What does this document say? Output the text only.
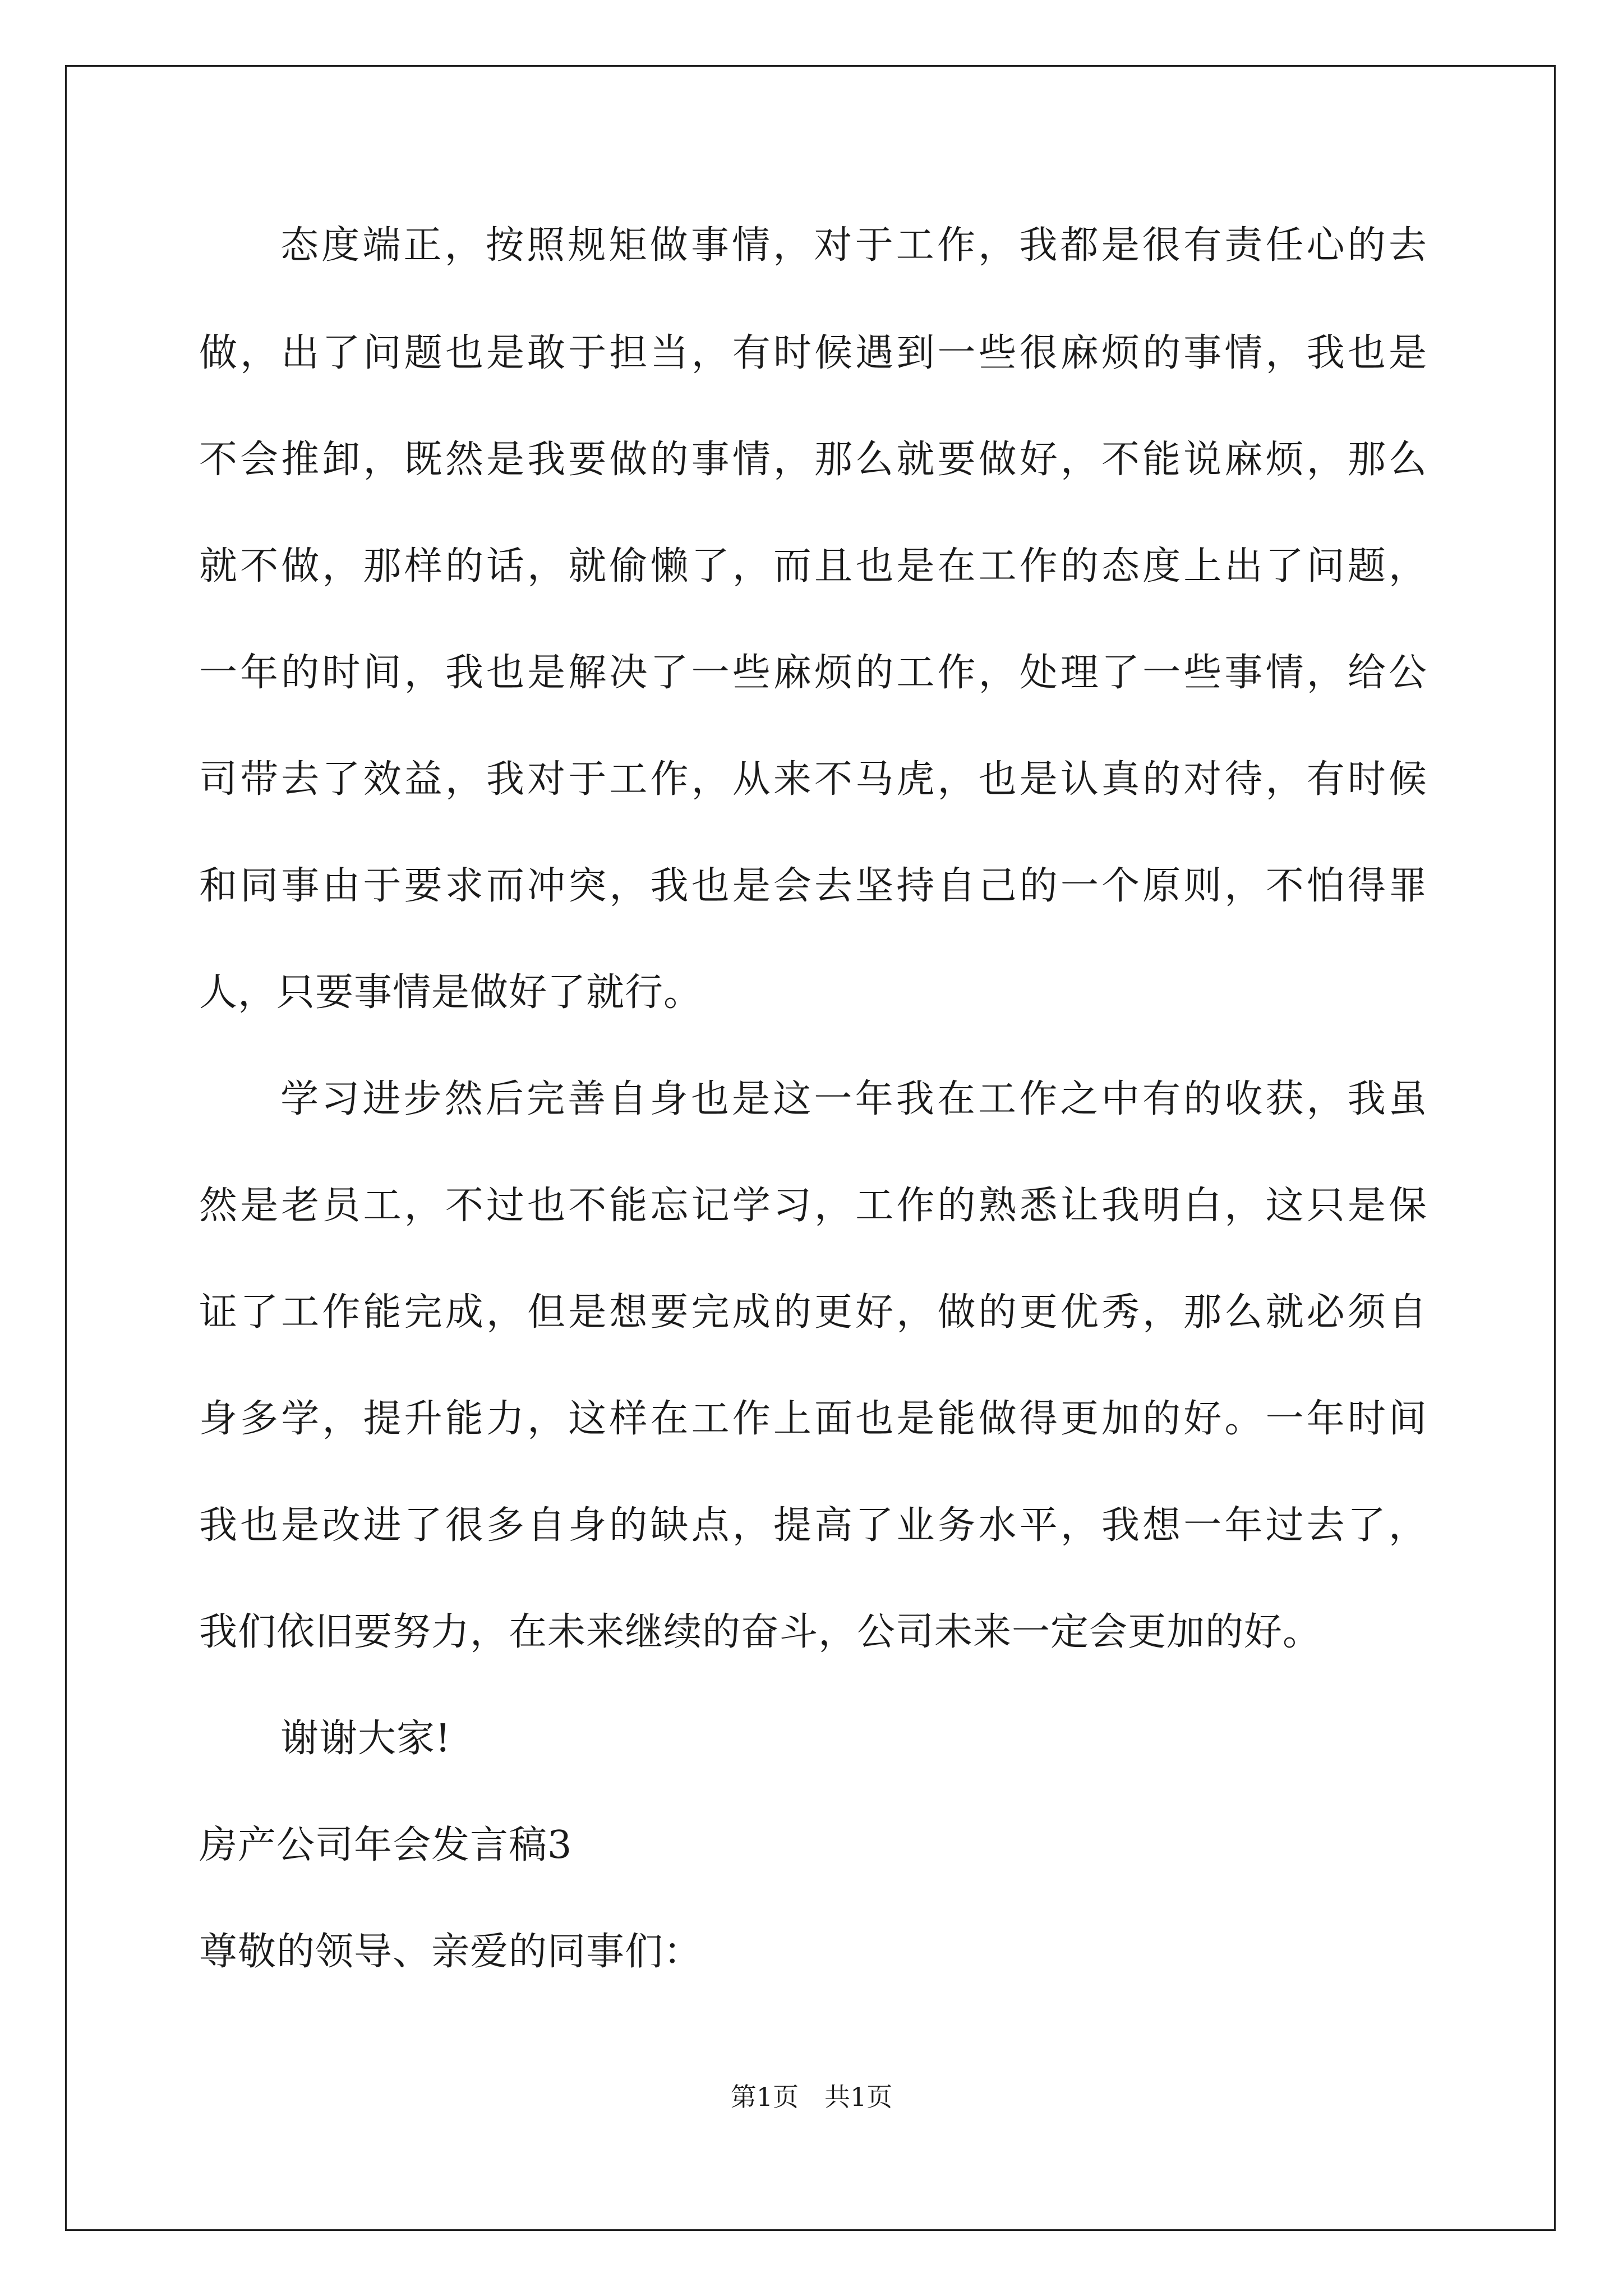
态度端正，按照规矩做事情，对于工作，我都是很有责任心的去
做，出了问题也是敢于担当，有时候遇到一些很麻烦的事情，我也是
不会推卸，既然是我要做的事情，那么就要做好，不能说麻烦，那么
就不做，那样的话，就偷懒了，而且也是在工作的态度上出了问题，
一年的时间，我也是解决了一些麻烦的工作，处理了一些事情，给公
司带去了效益，我对于工作，从来不马虎，也是认真的对待，有时候
和同事由于要求而冲突，我也是会去坚持自己的一个原则，不怕得罪
人，只要事情是做好了就行。
学习进步然后完善自身也是这一年我在工作之中有的收获，我虽
然是老员工，不过也不能忘记学习，工作的熟悉让我明白，这只是保
证了工作能完成，但是想要完成的更好，做的更优秀，那么就必须自
身多学，提升能力，这样在工作上面也是能做得更加的好。一年时间
我也是改进了很多自身的缺点，提高了业务水平，我想一年过去了，
我们依旧要努力，在未来继续的奋斗，公司未来一定会更加的好。
谢谢大家!
房产公司年会发言稿3
尊敬的领导、亲爱的同事们：
第1页　共1页
